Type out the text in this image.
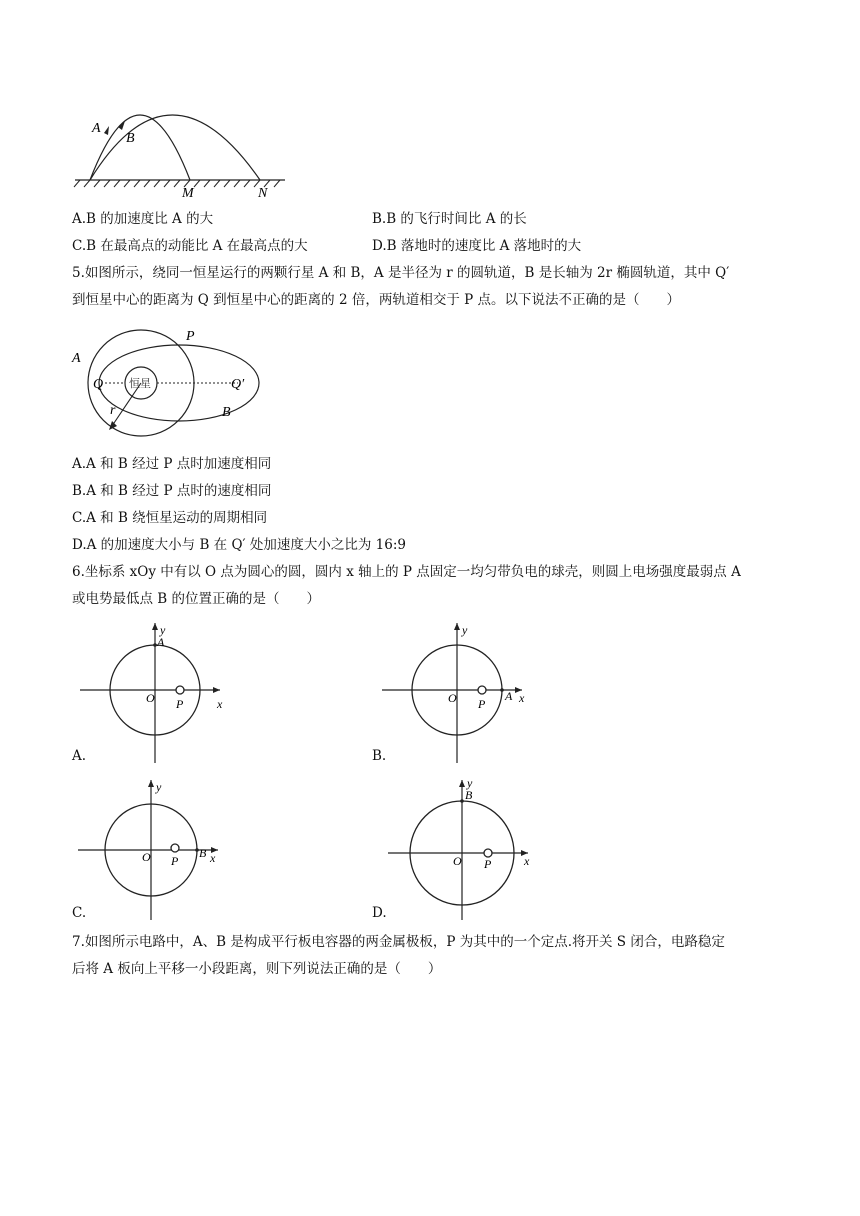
A
B
M	N
A.B 的加速度比 A 的大	B.B 的飞行时间比 A 的长
C.B 在最高点的动能比 A 在最高点的大	D.B 落地时的速度比 A 落地时的大
5.如图所示，绕同一恒星运行的两颗行星 A 和 B，A 是半径为 r 的圆轨道，B 是长轴为 2r 椭圆轨道，其中 Q′
到恒星中心的距离为 Q 到恒星中心的距离的 2 倍，两轨道相交于 P 点。以下说法不正确的是（　　）
A
P
Q 恒星	Q′
r	B
A.A 和 B 经过 P 点时加速度相同
B.A 和 B 经过 P 点时的速度相同
C.A 和 B 绕恒星运动的周期相同
D.A 的加速度大小与 B 在 Q′ 处加速度大小之比为 16:9
6.坐标系 xOy 中有以 O 点为圆心的圆，圆内 x 轴上的 P 点固定一均匀带负电的球壳，则圆上电场强度最弱点 A
或电势最低点 B 的位置正确的是（　　）
y
A
O P	x
A.
y
A
O P	x
B.
y
B
O P	x
C.
y
B
O P	x
D.
7.如图所示电路中，A、B 是构成平行板电容器的两金属极板，P 为其中的一个定点.将开关 S 闭合，电路稳定
后将 A 板向上平移一小段距离，则下列说法正确的是（　　）
